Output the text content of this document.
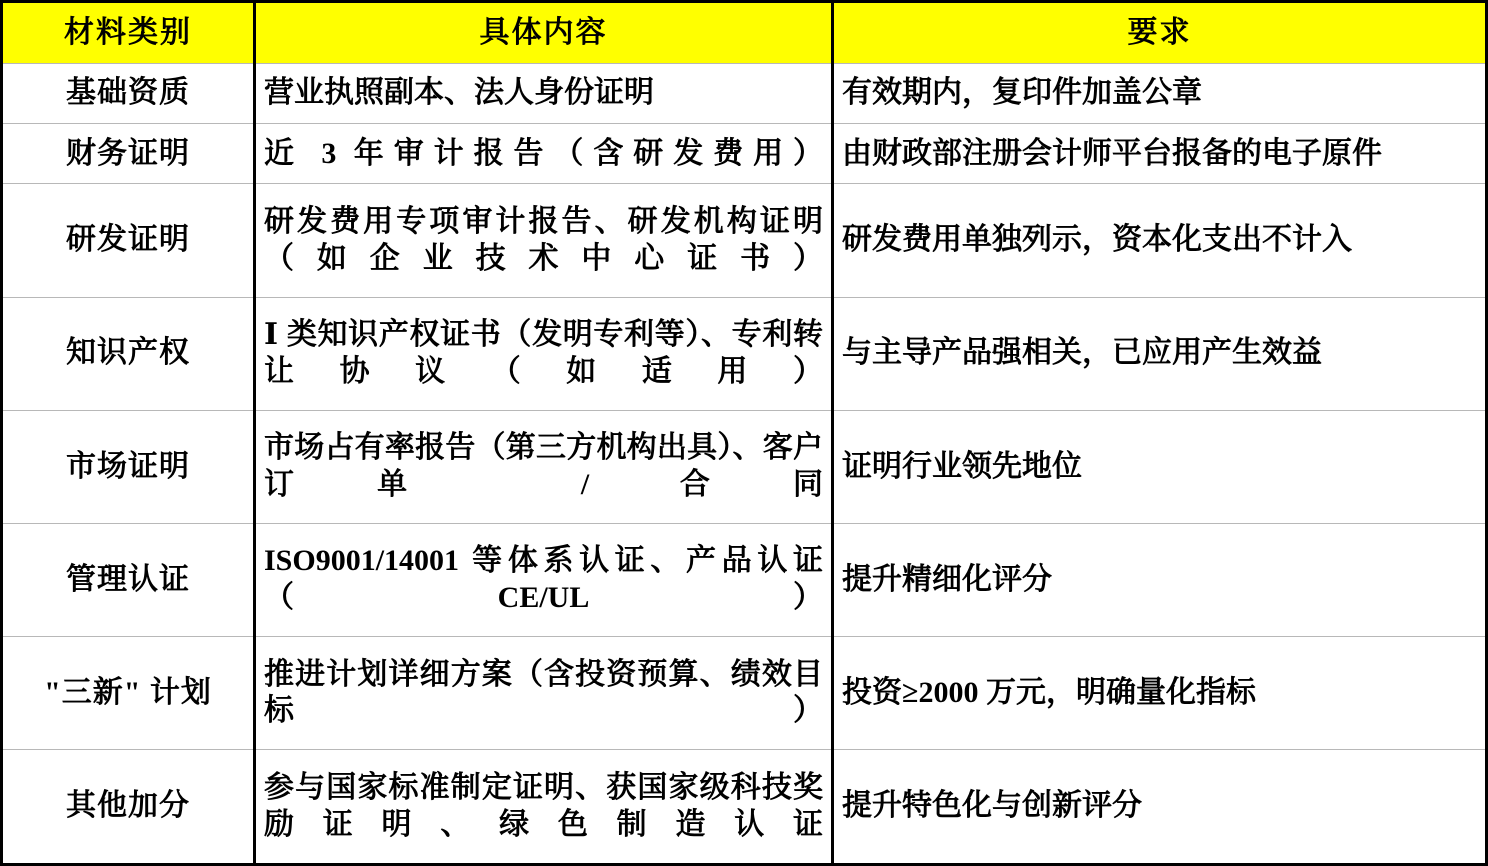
材料类别	具体内容	要求
基础资质	营业执照副本、法人身份证明	有效期内，复印件加盖公章
财务证明	近 3 年审计报告（含研发费用）	由财政部注册会计师平台报备的电子原件
研发证明	研发费用专项审计报告、研发机构证明（如企业技术中心证书）	研发费用单独列示，资本化支出不计入
知识产权	Ⅰ 类知识产权证书（发明专利等）、专利转让协议（如适用）	与主导产品强相关，已应用产生效益
市场证明	市场占有率报告（第三方机构出具）、客户订单 / 合同	证明行业领先地位
管理认证	ISO9001/14001 等体系认证、产品认证（CE/UL）	提升精细化评分
"三新" 计划	推进计划详细方案（含投资预算、绩效目标）	投资≥2000 万元，明确量化指标
其他加分	参与国家标准制定证明、获国家级科技奖励证明、绿色制造认证	提升特色化与创新评分
